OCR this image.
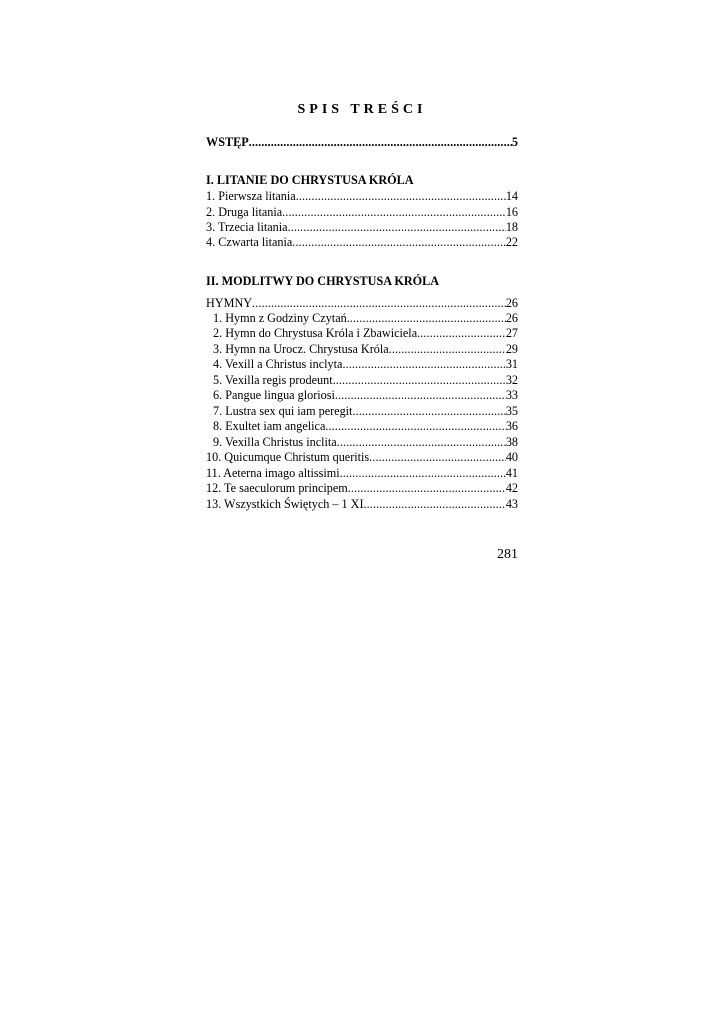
SPIS TREŚCI
WSTĘP .....	5
I. LITANIE DO CHRYSTUSA KRÓLA
1. Pierwsza litania .....	14
2. Druga litania .....	16
3. Trzecia litania .....	18
4. Czwarta litania .....	22
II. MODLITWY DO CHRYSTUSA KRÓLA
HYMNY .....	26
1. Hymn z Godziny Czytań .....	26
2. Hymn do Chrystusa Króla i Zbawiciela .....	27
3. Hymn na Urocz. Chrystusa Króla .....	29
4. Vexill a Christus inclyta .....	31
5. Vexilla regis prodeunt .....	32
6. Pangue lingua gloriosi .....	33
7. Lustra sex qui iam peregit .....	35
8. Exultet iam angelica .....	36
9. Vexilla Christus inclita .....	38
10. Quicumque Christum queritis .....	40
11. Aeterna imago altissimi .....	41
12. Te saeculorum principem .....	42
13. Wszystkich Świętych – 1 XI .....	43
281
